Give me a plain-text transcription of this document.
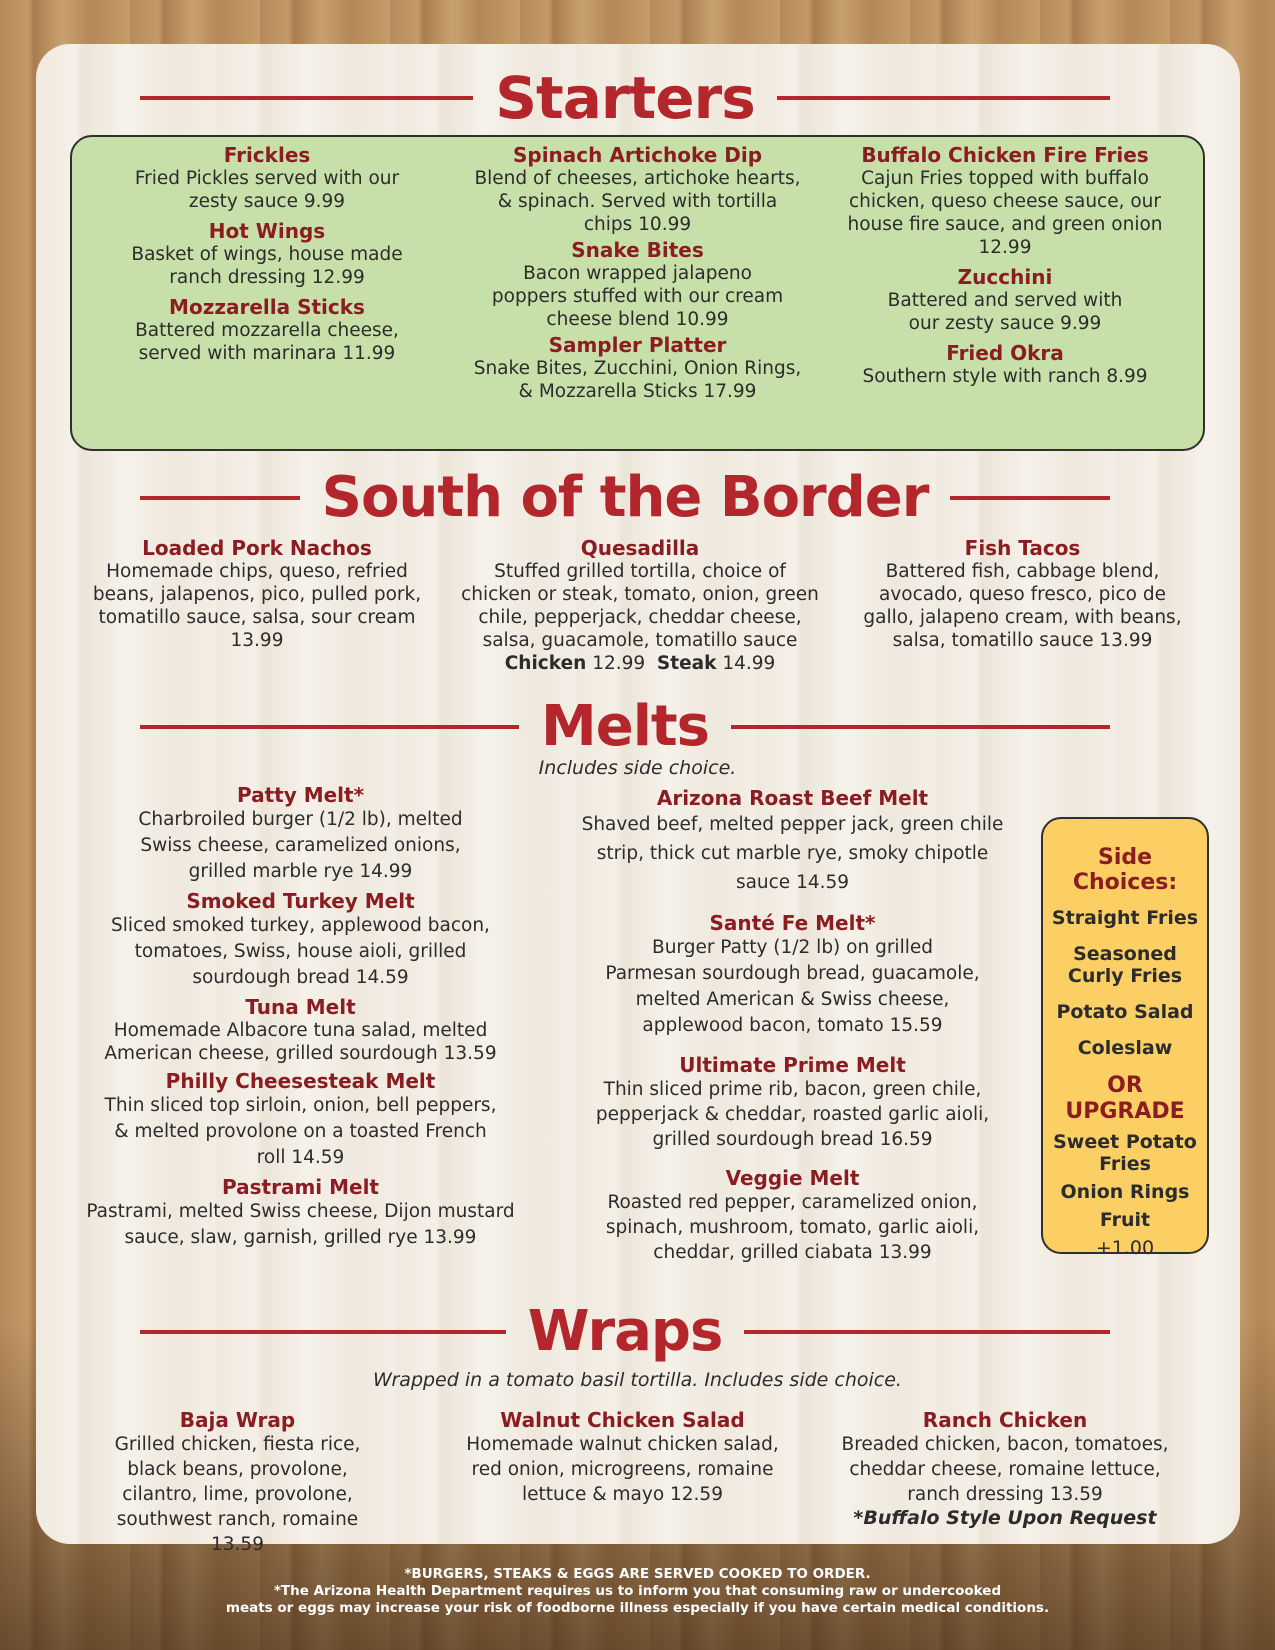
Starters
Frickles
Fried Pickles served with our zesty sauce 9.99
Hot Wings
Basket of wings, house made ranch dressing 12.99
Mozzarella Sticks
Battered mozzarella cheese, served with marinara 11.99
Spinach Artichoke Dip
Blend of cheeses, artichoke hearts, & spinach. Served with tortilla chips 10.99
Snake Bites
Bacon wrapped jalapeno poppers stuffed with our cream cheese blend 10.99
Sampler Platter
Snake Bites, Zucchini, Onion Rings, & Mozzarella Sticks 17.99
Buffalo Chicken Fire Fries
Cajun Fries topped with buffalo chicken, queso cheese sauce, our house fire sauce, and green onion 12.99
Zucchini
Battered and served with our zesty sauce 9.99
Fried Okra
Southern style with ranch 8.99
South of the Border
Loaded Pork Nachos
Homemade chips, queso, refried beans, jalapenos, pico, pulled pork, tomatillo sauce, salsa, sour cream 13.99
Quesadilla
Stuffed grilled tortilla, choice of chicken or steak, tomato, onion, green chile, pepperjack, cheddar cheese, salsa, guacamole, tomatillo sauce
Chicken 12.99 Steak 14.99
Fish Tacos
Battered fish, cabbage blend, avocado, queso fresco, pico de gallo, jalapeno cream, with beans, salsa, tomatillo sauce 13.99
Melts
Includes side choice.
Patty Melt*
Charbroiled burger (1/2 lb), melted Swiss cheese, caramelized onions, grilled marble rye 14.99
Smoked Turkey Melt
Sliced smoked turkey, applewood bacon, tomatoes, Swiss, house aioli, grilled sourdough bread 14.59
Tuna Melt
Homemade Albacore tuna salad, melted American cheese, grilled sourdough 13.59
Philly Cheesesteak Melt
Thin sliced top sirloin, onion, bell peppers, & melted provolone on a toasted French roll 14.59
Pastrami Melt
Pastrami, melted Swiss cheese, Dijon mustard sauce, slaw, garnish, grilled rye 13.99
Arizona Roast Beef Melt
Shaved beef, melted pepper jack, green chile strip, thick cut marble rye, smoky chipotle sauce 14.59
Santé Fe Melt*
Burger Patty (1/2 lb) on grilled Parmesan sourdough bread, guacamole, melted American & Swiss cheese, applewood bacon, tomato 15.59
Ultimate Prime Melt
Thin sliced prime rib, bacon, green chile, pepperjack & cheddar, roasted garlic aioli, grilled sourdough bread 16.59
Veggie Melt
Roasted red pepper, caramelized onion, spinach, mushroom, tomato, garlic aioli, cheddar, grilled ciabata 13.99
Side Choices:
Straight Fries
Seasoned Curly Fries
Potato Salad
Coleslaw
OR UPGRADE
Sweet Potato Fries
Onion Rings
Fruit
+1.00
Wraps
Wrapped in a tomato basil tortilla. Includes side choice.
Baja Wrap
Grilled chicken, fiesta rice, black beans, provolone, cilantro, lime, provolone, southwest ranch, romaine 13.59
Walnut Chicken Salad
Homemade walnut chicken salad, red onion, microgreens, romaine lettuce & mayo 12.59
Ranch Chicken
Breaded chicken, bacon, tomatoes, cheddar cheese, romaine lettuce, ranch dressing 13.59
*Buffalo Style Upon Request
*BURGERS, STEAKS & EGGS ARE SERVED COOKED TO ORDER.
*The Arizona Health Department requires us to inform you that consuming raw or undercooked
meats or eggs may increase your risk of foodborne illness especially if you have certain medical conditions.
